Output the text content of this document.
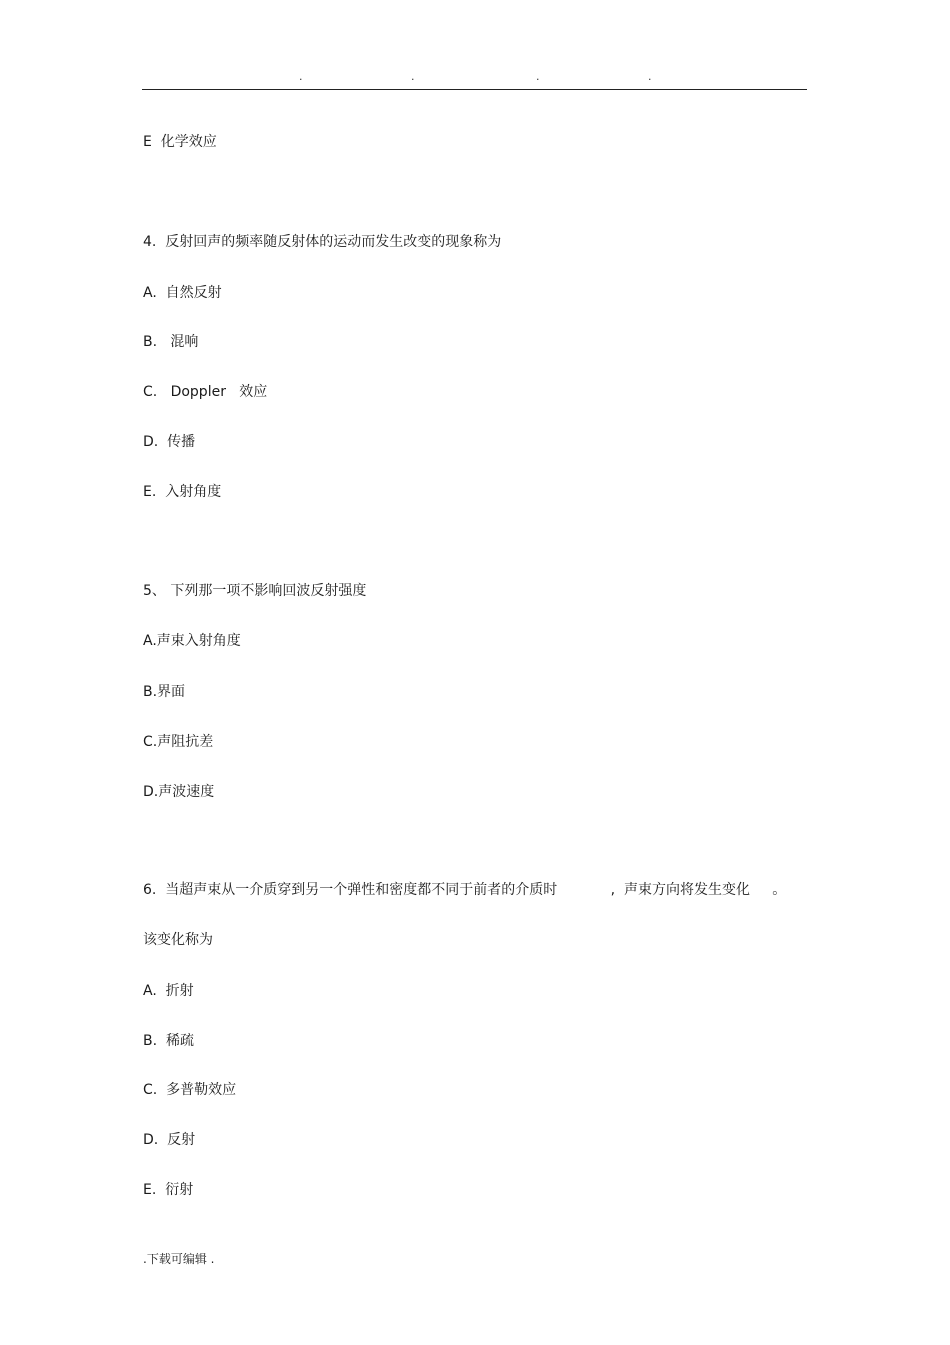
.	.	.	.
E  化学效应
4.  反射回声的频率随反射体的运动而发生改变的现象称为
A.  自然反射
B.   混响
C.   Doppler   效应
D.  传播
E.  入射角度
5、 下列那一项不影响回波反射强度
A.声束入射角度
B.界面
C.声阻抗差
D.声波速度
6.  当超声束从一介质穿到另一个弹性和密度都不同于前者的介质时            ,  声束方向将发生变化     。
该变化称为
A.  折射
B.  稀疏
C.  多普勒效应
D.  反射
E.  衍射
.下载可编辑 .
